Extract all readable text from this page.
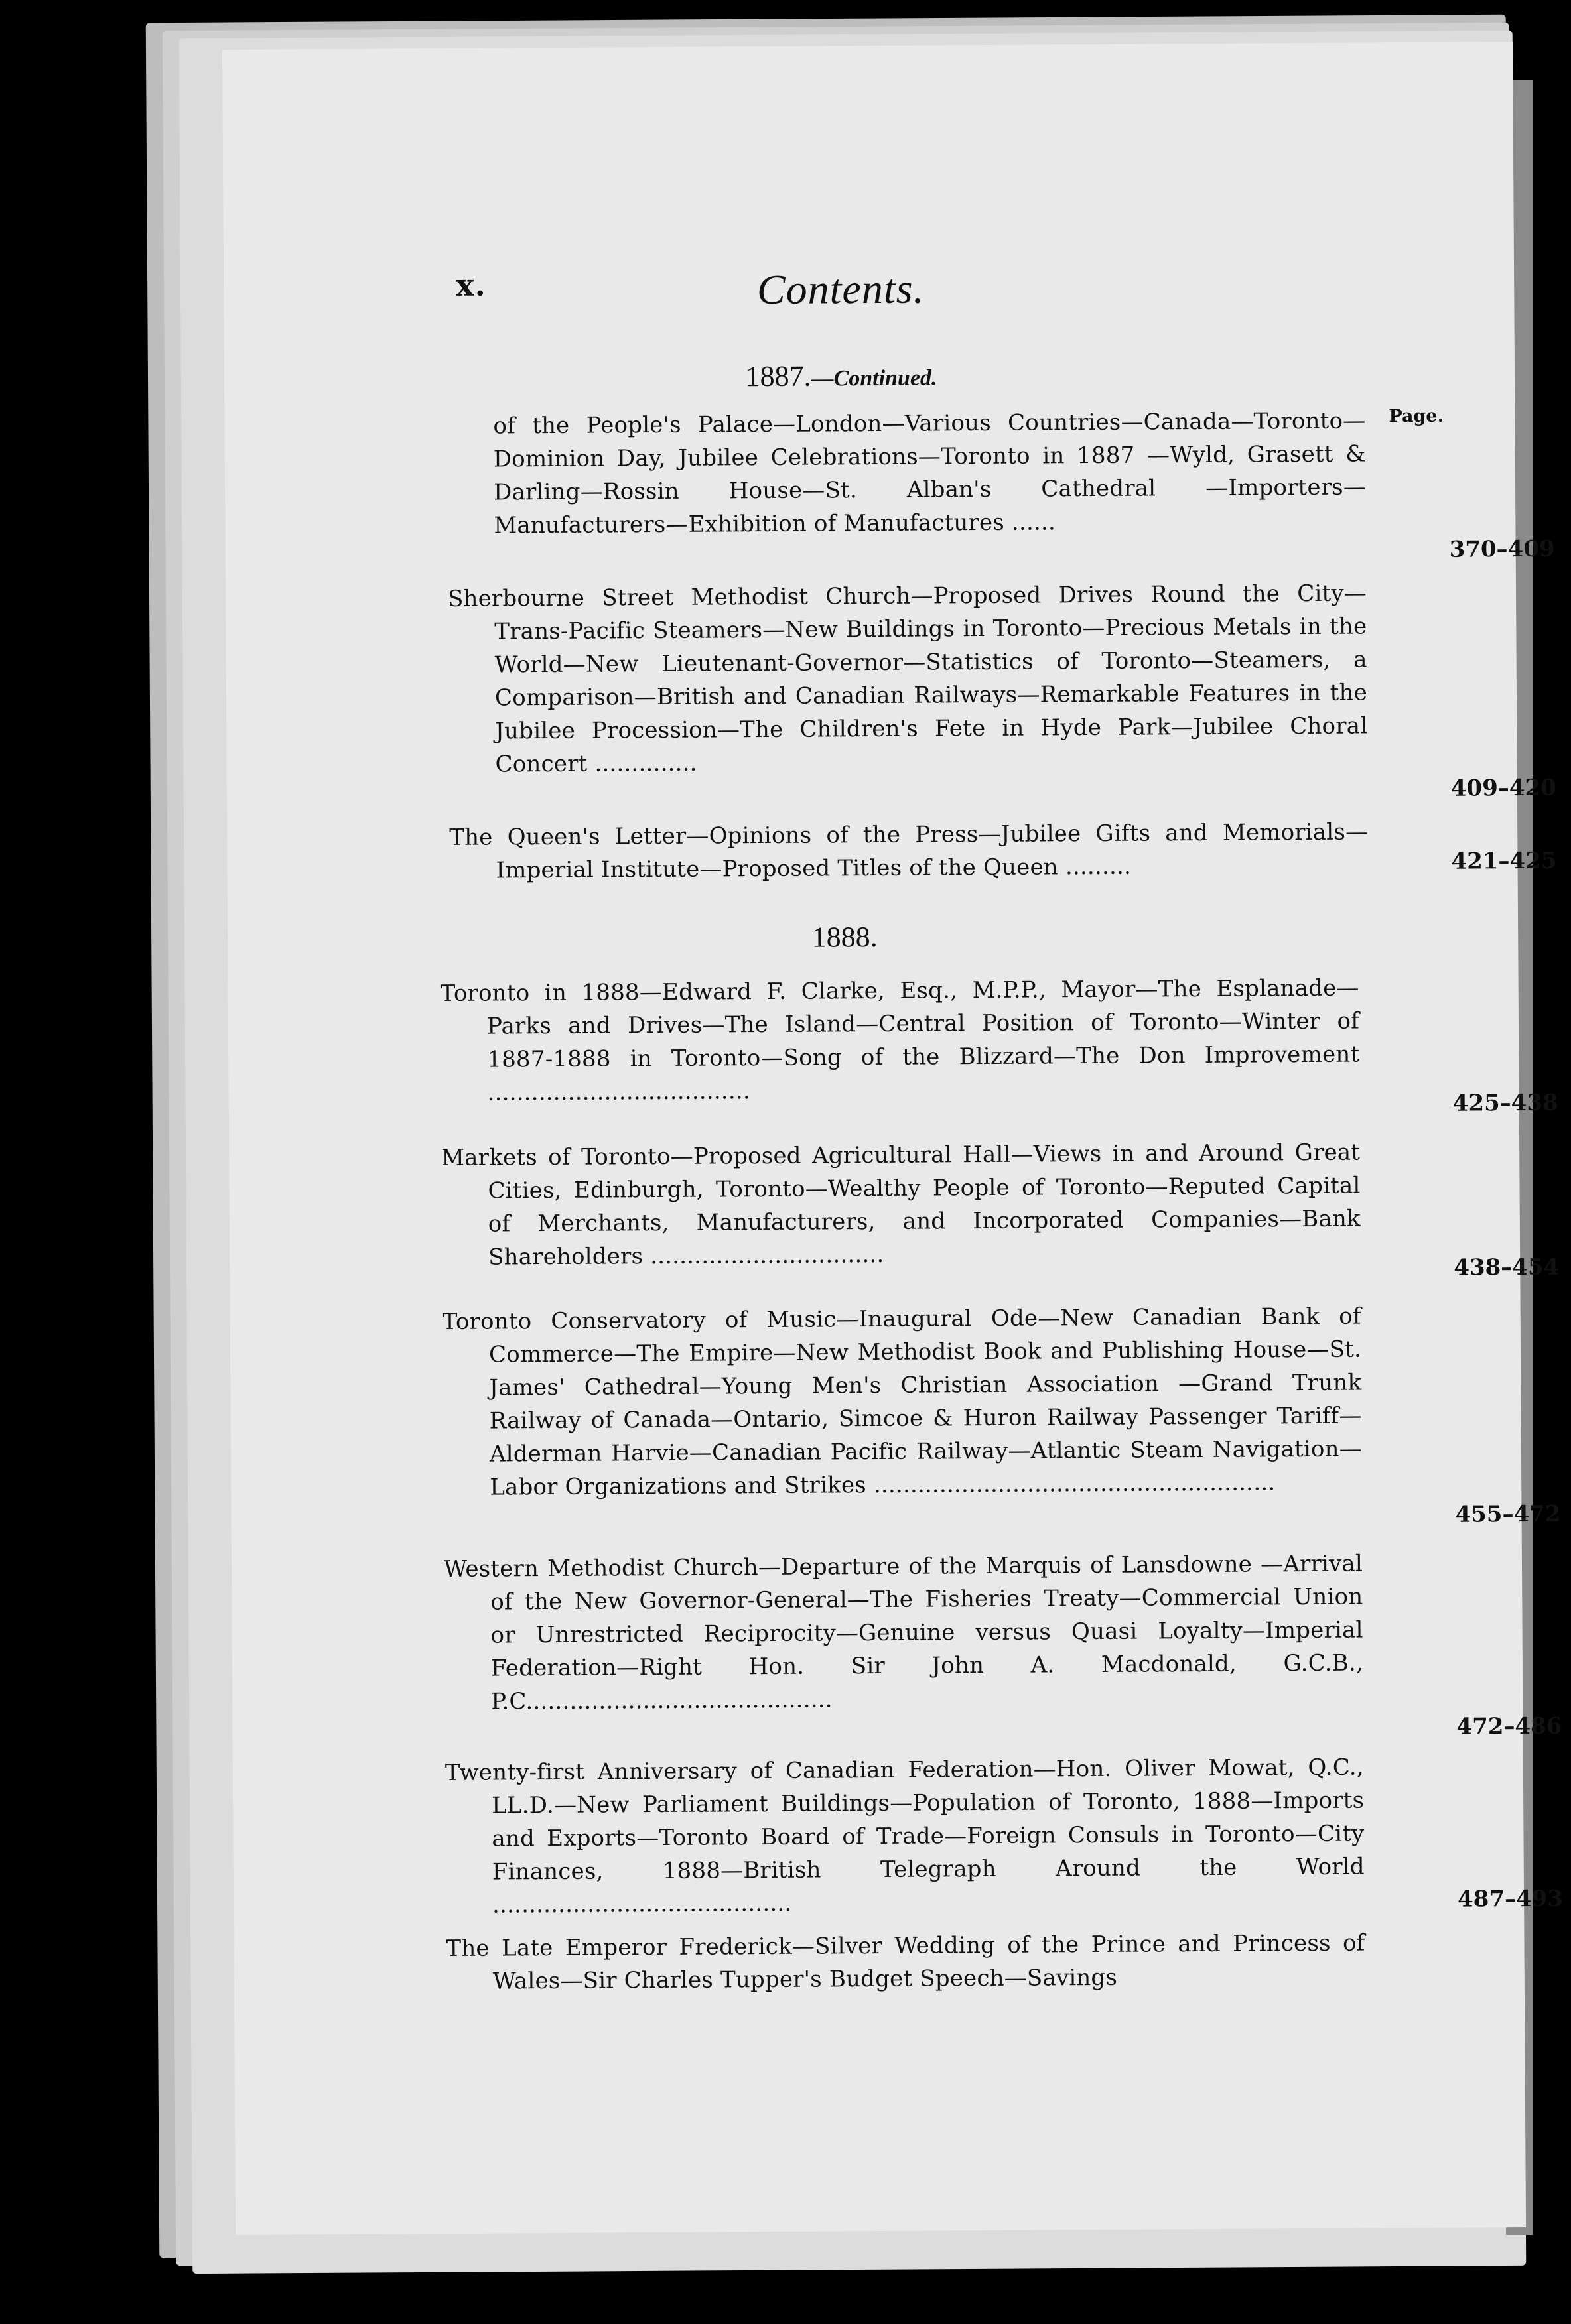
x.	Contents.
1887.—Continued.
Page.
of the People's Palace—London—Various Countries—Canada—Toronto—Dominion Day, Jubilee Celebrations—Toronto in 1887 —Wyld, Grasett & Darling—Rossin House—St. Alban's Cathedral —Importers—Manufacturers—Exhibition of Manufactures ......
370–409
Sherbourne Street Methodist Church—Proposed Drives Round the City—Trans-Pacific Steamers—New Buildings in Toronto—Precious Metals in the World—New Lieutenant-Governor—Statistics of Toronto—Steamers, a Comparison—British and Canadian Railways—Remarkable Features in the Jubilee Procession—The Children's Fete in Hyde Park—Jubilee Choral Concert ..............
409–420
The Queen's Letter—Opinions of the Press—Jubilee Gifts and Memorials—Imperial Institute—Proposed Titles of the Queen .........	421–425
1888.
Toronto in 1888—Edward F. Clarke, Esq., M.P.P., Mayor—The Esplanade—Parks and Drives—The Island—Central Position of Toronto—Winter of 1887-1888 in Toronto—Song of the Blizzard—The Don Improvement ....................................	425–438
Markets of Toronto—Proposed Agricultural Hall—Views in and Around Great Cities, Edinburgh, Toronto—Wealthy People of Toronto—Reputed Capital of Merchants, Manufacturers, and Incorporated Companies—Bank Shareholders ................................	438–454
Toronto Conservatory of Music—Inaugural Ode—New Canadian Bank of Commerce—The Empire—New Methodist Book and Publishing House—St. James' Cathedral—Young Men's Christian Association —Grand Trunk Railway of Canada—Ontario, Simcoe & Huron Railway Passenger Tariff—Alderman Harvie—Canadian Pacific Railway—Atlantic Steam Navigation—Labor Organizations and Strikes .......................................................
455–472
Western Methodist Church—Departure of the Marquis of Lansdowne —Arrival of the New Governor-General—The Fisheries Treaty—Commercial Union or Unrestricted Reciprocity—Genuine versus Quasi Loyalty—Imperial Federation—Right Hon. Sir John A. Macdonald, G.C.B., P.C..........................................
472–486
Twenty-first Anniversary of Canadian Federation—Hon. Oliver Mowat, Q.C., LL.D.—New Parliament Buildings—Population of Toronto, 1888—Imports and Exports—Toronto Board of Trade—Foreign Consuls in Toronto—City Finances, 1888—British Telegraph Around the World .........................................	487–493
The Late Emperor Frederick—Silver Wedding of the Prince and Princess of Wales—Sir Charles Tupper's Budget Speech—Savings
